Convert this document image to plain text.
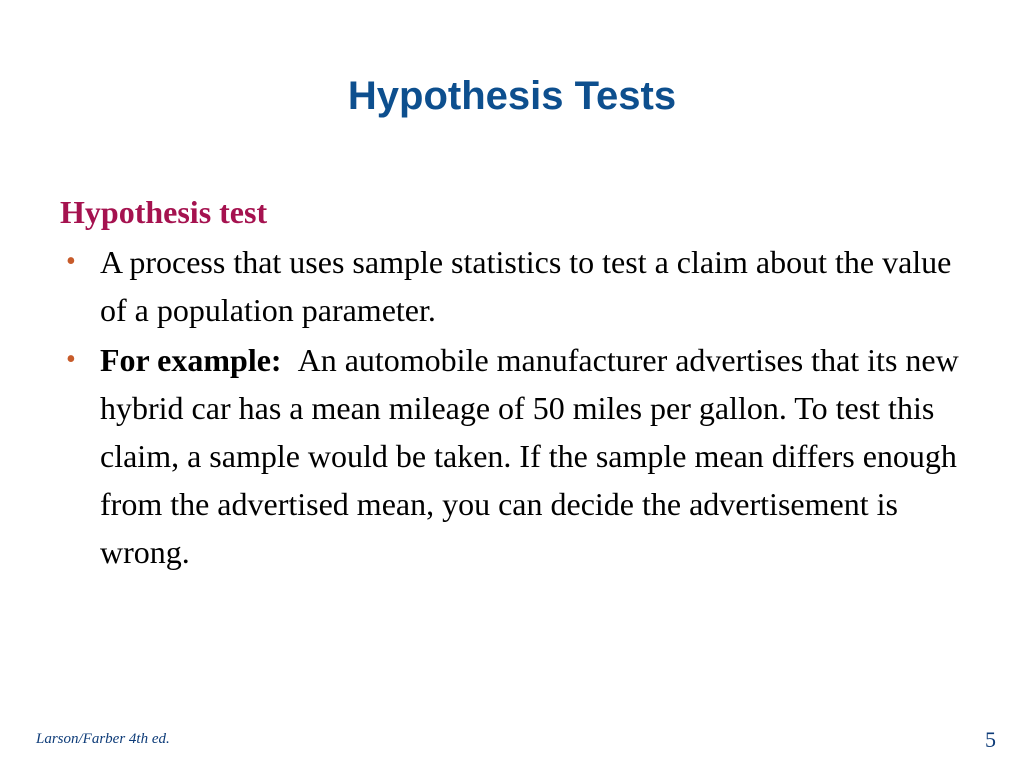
Hypothesis Tests
Hypothesis test
• A process that uses sample statistics to test a claim about the value of a population parameter.
• For example: An automobile manufacturer advertises that its new hybrid car has a mean mileage of 50 miles per gallon. To test this claim, a sample would be taken. If the sample mean differs enough from the advertised mean, you can decide the advertisement is wrong.
Larson/Farber 4th ed.	5
